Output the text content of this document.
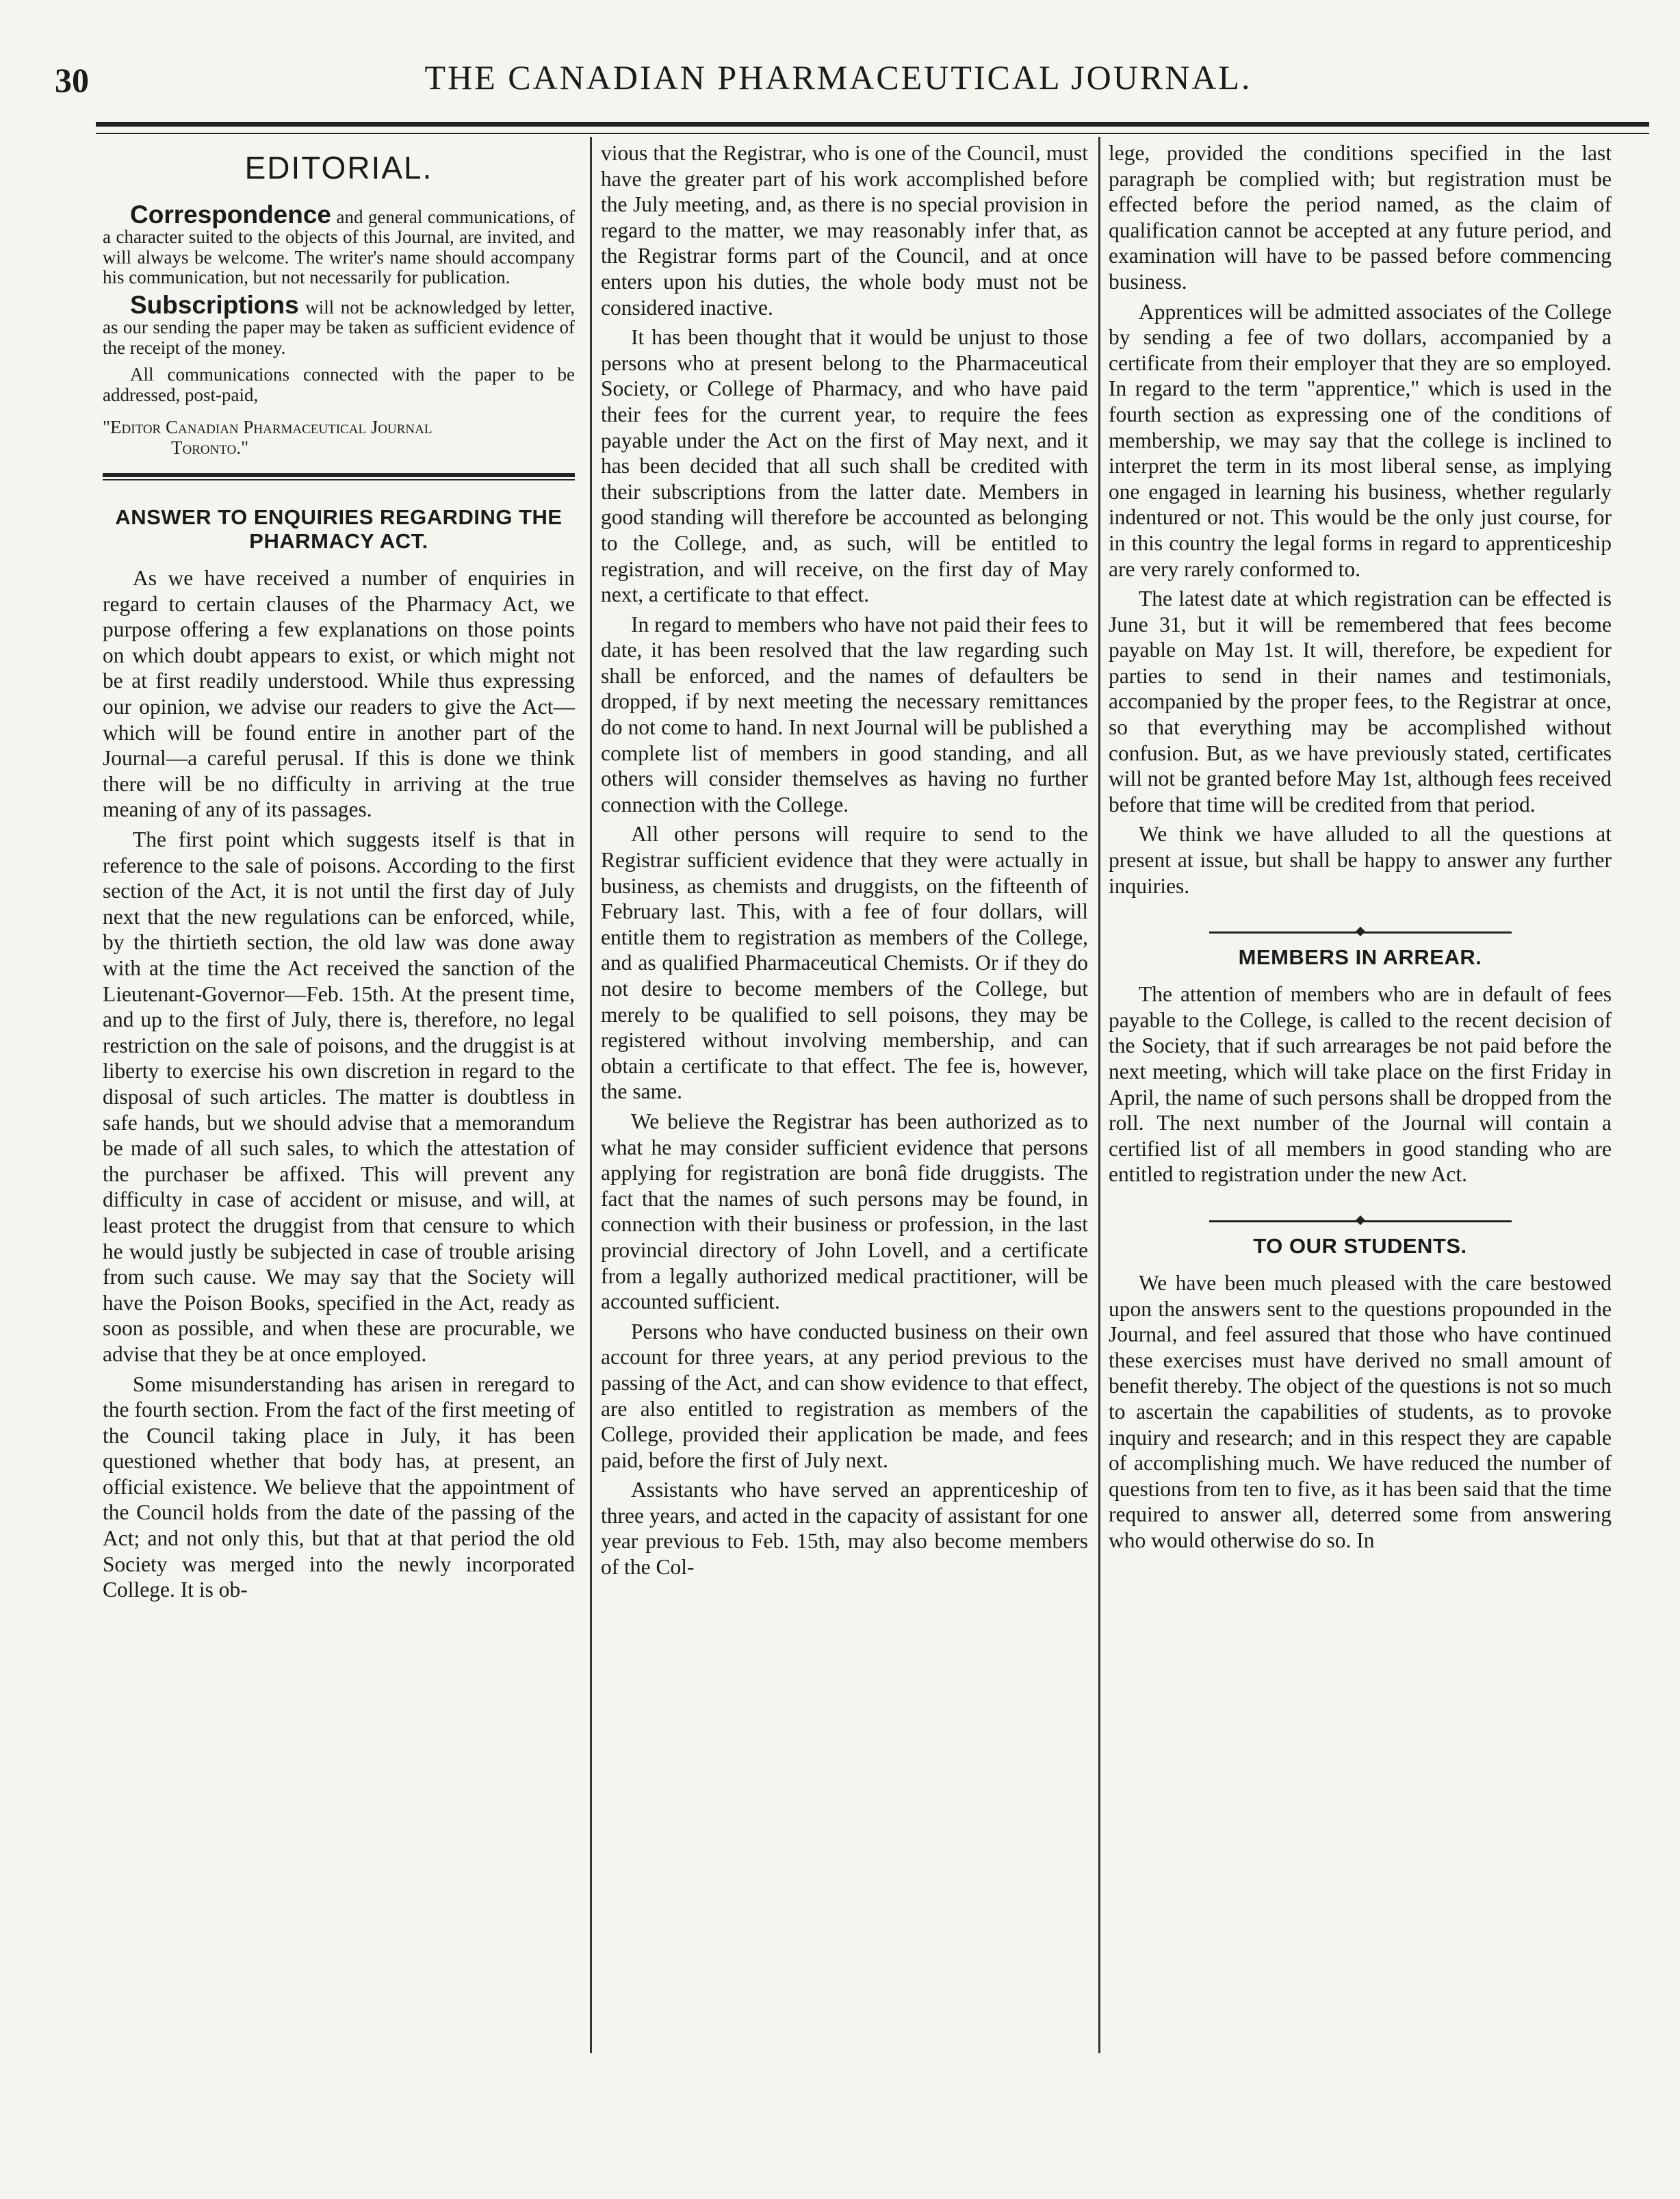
30	THE CANADIAN PHARMACEUTICAL JOURNAL.
EDITORIAL.

Correspondence and general communications, of a character suited to the objects of this Journal, are invited, and will always be welcome. The writer's name should accompany his communication, but not necessarily for publication.

Subscriptions will not be acknowledged by letter, as our sending the paper may be taken as sufficient evidence of the receipt of the money.

All communications connected with the paper to be addressed, post-paid,

"Editor Canadian Pharmaceutical Journal
Toronto."

ANSWER TO ENQUIRIES REGARDING THE PHARMACY ACT.

As we have received a number of enquiries in regard to certain clauses of the Pharmacy Act, we purpose offering a few explanations on those points on which doubt appears to exist, or which might not be at first readily understood. While thus expressing our opinion, we advise our readers to give the Act—which will be found entire in another part of the Journal—a careful perusal. If this is done we think there will be no difficulty in arriving at the true meaning of any of its passages.

The first point which suggests itself is that in reference to the sale of poisons. According to the first section of the Act, it is not until the first day of July next that the new regulations can be enforced, while, by the thirtieth section, the old law was done away with at the time the Act received the sanction of the Lieutenant-Governor—Feb. 15th. At the present time, and up to the first of July, there is, therefore, no legal restriction on the sale of poisons, and the druggist is at liberty to exercise his own discretion in regard to the disposal of such articles. The matter is doubtless in safe hands, but we should advise that a memorandum be made of all such sales, to which the attestation of the purchaser be affixed. This will prevent any difficulty in case of accident or misuse, and will, at least protect the druggist from that censure to which he would justly be subjected in case of trouble arising from such cause. We may say that the Society will have the Poison Books, specified in the Act, ready as soon as possible, and when these are procurable, we advise that they be at once employed.

Some misunderstanding has arisen in reregard to the fourth section. From the fact of the first meeting of the Council taking place in July, it has been questioned whether that body has, at present, an official existence. We believe that the appointment of the Council holds from the date of the passing of the Act; and not only this, but that at that period the old Society was merged into the newly incorporated College. It is ob-

vious that the Registrar, who is one of the Council, must have the greater part of his work accomplished before the July meeting, and, as there is no special provision in regard to the matter, we may reasonably infer that, as the Registrar forms part of the Council, and at once enters upon his duties, the whole body must not be considered inactive.

It has been thought that it would be unjust to those persons who at present belong to the Pharmaceutical Society, or College of Pharmacy, and who have paid their fees for the current year, to require the fees payable under the Act on the first of May next, and it has been decided that all such shall be credited with their subscriptions from the latter date. Members in good standing will therefore be accounted as belonging to the College, and, as such, will be entitled to registration, and will receive, on the first day of May next, a certificate to that effect.

In regard to members who have not paid their fees to date, it has been resolved that the law regarding such shall be enforced, and the names of defaulters be dropped, if by next meeting the necessary remittances do not come to hand. In next Journal will be published a complete list of members in good standing, and all others will consider themselves as having no further connection with the College.

All other persons will require to send to the Registrar sufficient evidence that they were actually in business, as chemists and druggists, on the fifteenth of February last. This, with a fee of four dollars, will entitle them to registration as members of the College, and as qualified Pharmaceutical Chemists. Or if they do not desire to become members of the College, but merely to be qualified to sell poisons, they may be registered without involving membership, and can obtain a certificate to that effect. The fee is, however, the same.

We believe the Registrar has been authorized as to what he may consider sufficient evidence that persons applying for registration are bonâ fide druggists. The fact that the names of such persons may be found, in connection with their business or profession, in the last provincial directory of John Lovell, and a certificate from a legally authorized medical practitioner, will be accounted sufficient.

Persons who have conducted business on their own account for three years, at any period previous to the passing of the Act, and can show evidence to that effect, are also entitled to registration as members of the College, provided their application be made, and fees paid, before the first of July next.

Assistants who have served an apprenticeship of three years, and acted in the capacity of assistant for one year previous to Feb. 15th, may also become members of the Col-

lege, provided the conditions specified in the last paragraph be complied with; but registration must be effected before the period named, as the claim of qualification cannot be accepted at any future period, and examination will have to be passed before commencing business.

Apprentices will be admitted associates of the College by sending a fee of two dollars, accompanied by a certificate from their employer that they are so employed. In regard to the term "apprentice," which is used in the fourth section as expressing one of the conditions of membership, we may say that the college is inclined to interpret the term in its most liberal sense, as implying one engaged in learning his business, whether regularly indentured or not. This would be the only just course, for in this country the legal forms in regard to apprenticeship are very rarely conformed to.

The latest date at which registration can be effected is June 31, but it will be remembered that fees become payable on May 1st. It will, therefore, be expedient for parties to send in their names and testimonials, accompanied by the proper fees, to the Registrar at once, so that everything may be accomplished without confusion. But, as we have previously stated, certificates will not be granted before May 1st, although fees received before that time will be credited from that period.

We think we have alluded to all the questions at present at issue, but shall be happy to answer any further inquiries.

MEMBERS IN ARREAR.

The attention of members who are in default of fees payable to the College, is called to the recent decision of the Society, that if such arrearages be not paid before the next meeting, which will take place on the first Friday in April, the name of such persons shall be dropped from the roll. The next number of the Journal will contain a certified list of all members in good standing who are entitled to registration under the new Act.

TO OUR STUDENTS.

We have been much pleased with the care bestowed upon the answers sent to the questions propounded in the Journal, and feel assured that those who have continued these exercises must have derived no small amount of benefit thereby. The object of the questions is not so much to ascertain the capabilities of students, as to provoke inquiry and research; and in this respect they are capable of accomplishing much. We have reduced the number of questions from ten to five, as it has been said that the time required to answer all, deterred some from answering who would otherwise do so. In
